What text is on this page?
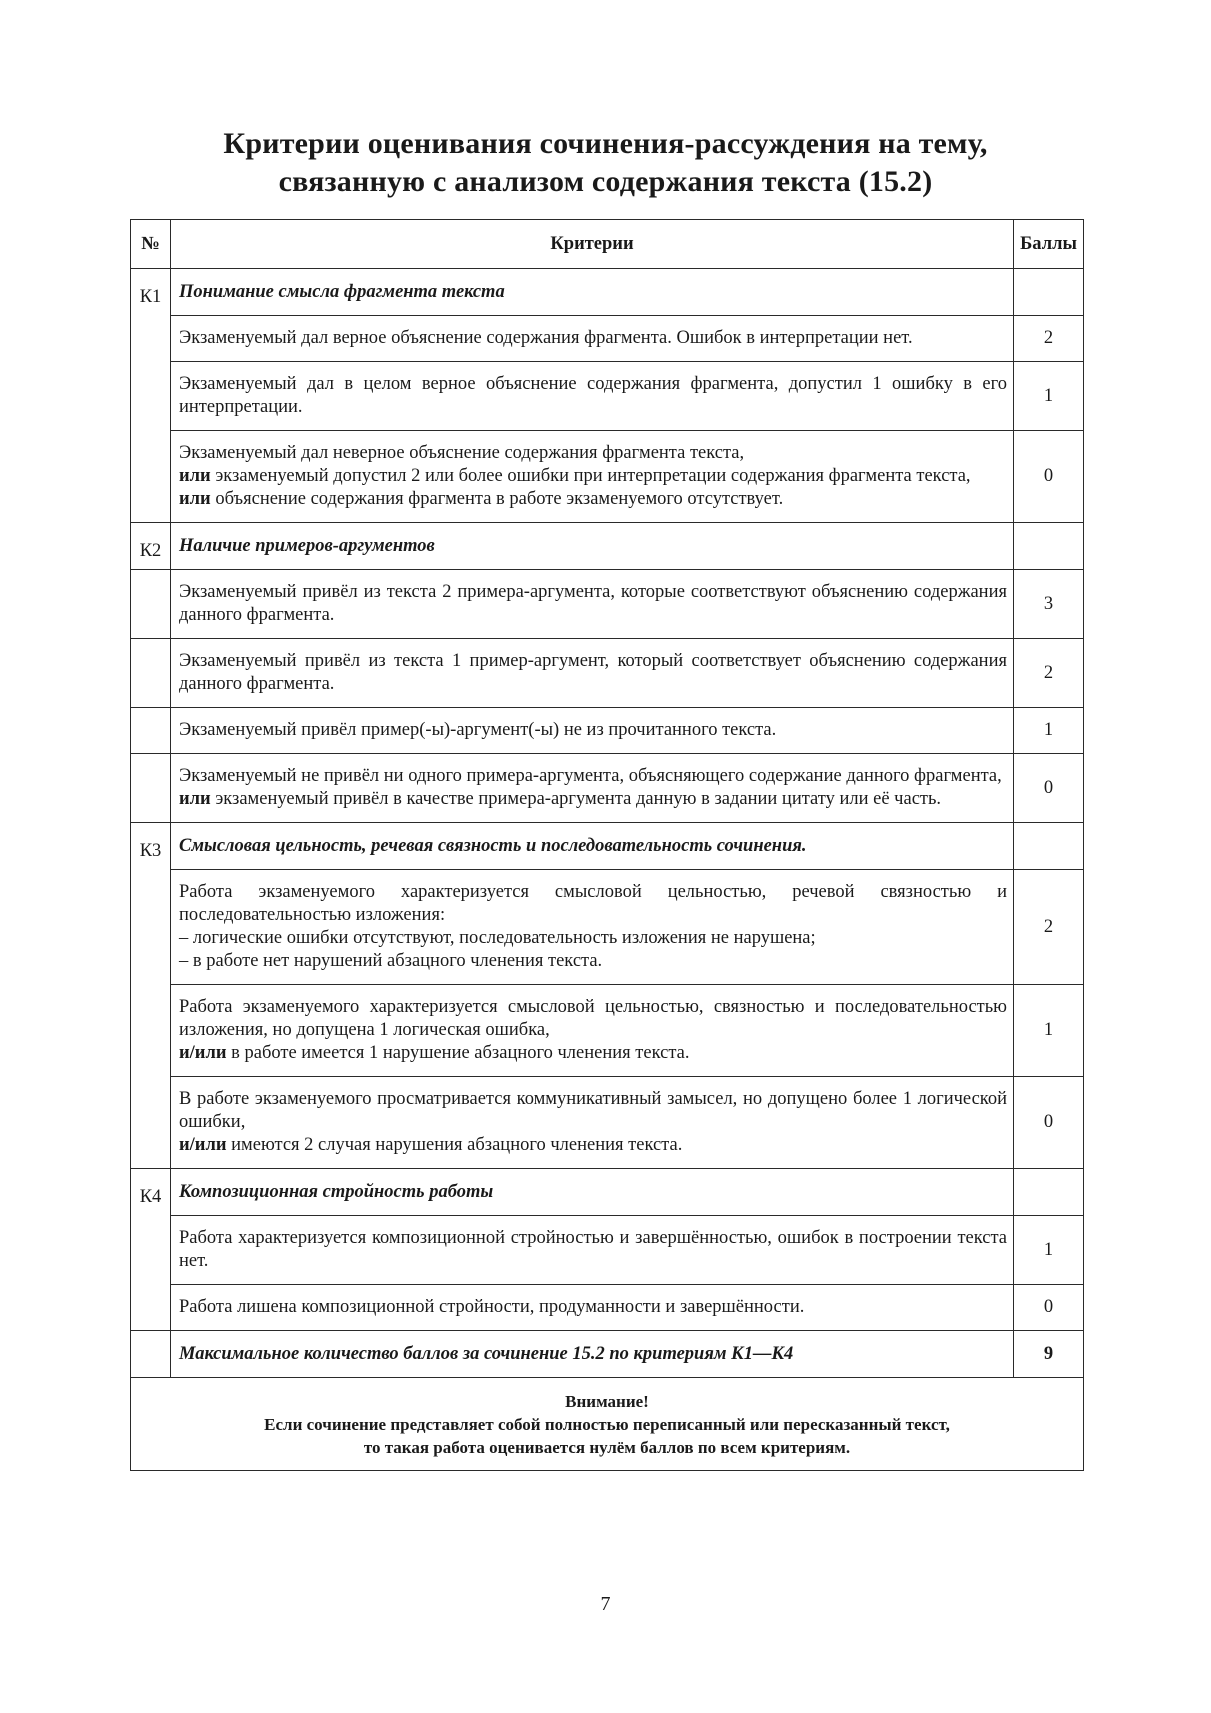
Критерии оценивания сочинения-рассуждения на тему,
связанную с анализом содержания текста (15.2)
№	Критерии	Баллы
К1	Понимание смысла фрагмента текста	
	Экзаменуемый дал верное объяснение содержания фрагмента. Ошибок в интерпретации нет.	2
	Экзаменуемый дал в целом верное объяснение содержания фрагмента, допустил 1 ошибку в его интерпретации.	1

	Экзаменуемый дал неверное объяснение содержания фрагмента текста,
или экзаменуемый допустил 2 или более ошибки при интерпретации содержания фрагмента текста,
или объяснение содержания фрагмента в работе экзаменуемого отсутствует.	0
К2	Наличие примеров-аргументов	
	Экзаменуемый привёл из текста 2 примера-аргумента, которые соответствуют объяснению содержания данного фрагмента.	3
	Экзаменуемый привёл из текста 1 пример-аргумент, который соответствует объяснению содержания данного фрагмента.	2
	Экзаменуемый привёл пример(-ы)-аргумент(-ы) не из прочитанного текста.	1
	Экзаменуемый не привёл ни одного примера-аргумента, объясняющего содержание данного фрагмента,
или экзаменуемый привёл в качестве примера-аргумента данную в задании цитату или её часть.	0
К3	Смысловая цельность, речевая связность и последовательность сочинения.	

	Работа экзаменуемого характеризуется смысловой цельностью, речевой связностью и последовательностью изложения:
– логические ошибки отсутствуют, последовательность изложения не нарушена;
– в работе нет нарушений абзацного членения текста.	2
	Работа экзаменуемого характеризуется смысловой цельностью, связностью и последовательностью изложения, но допущена 1 логическая ошибка,
и/или в работе имеется 1 нарушение абзацного членения текста.	1
	В работе экзаменуемого просматривается коммуникативный замысел, но допущено более 1 логической ошибки,
и/или имеются 2 случая нарушения абзацного членения текста.	0
К4	Композиционная стройность работы	
	Работа характеризуется композиционной стройностью и завершённостью, ошибок в построении текста нет.	1
	Работа лишена композиционной стройности, продуманности и завершённости.	0
	Максимальное количество баллов за сочинение 15.2 по критериям К1—К4	9

Внимание!
Если сочинение представляет собой полностью переписанный или пересказанный текст,
то такая работа оценивается нулём баллов по всем критериям.		
7
